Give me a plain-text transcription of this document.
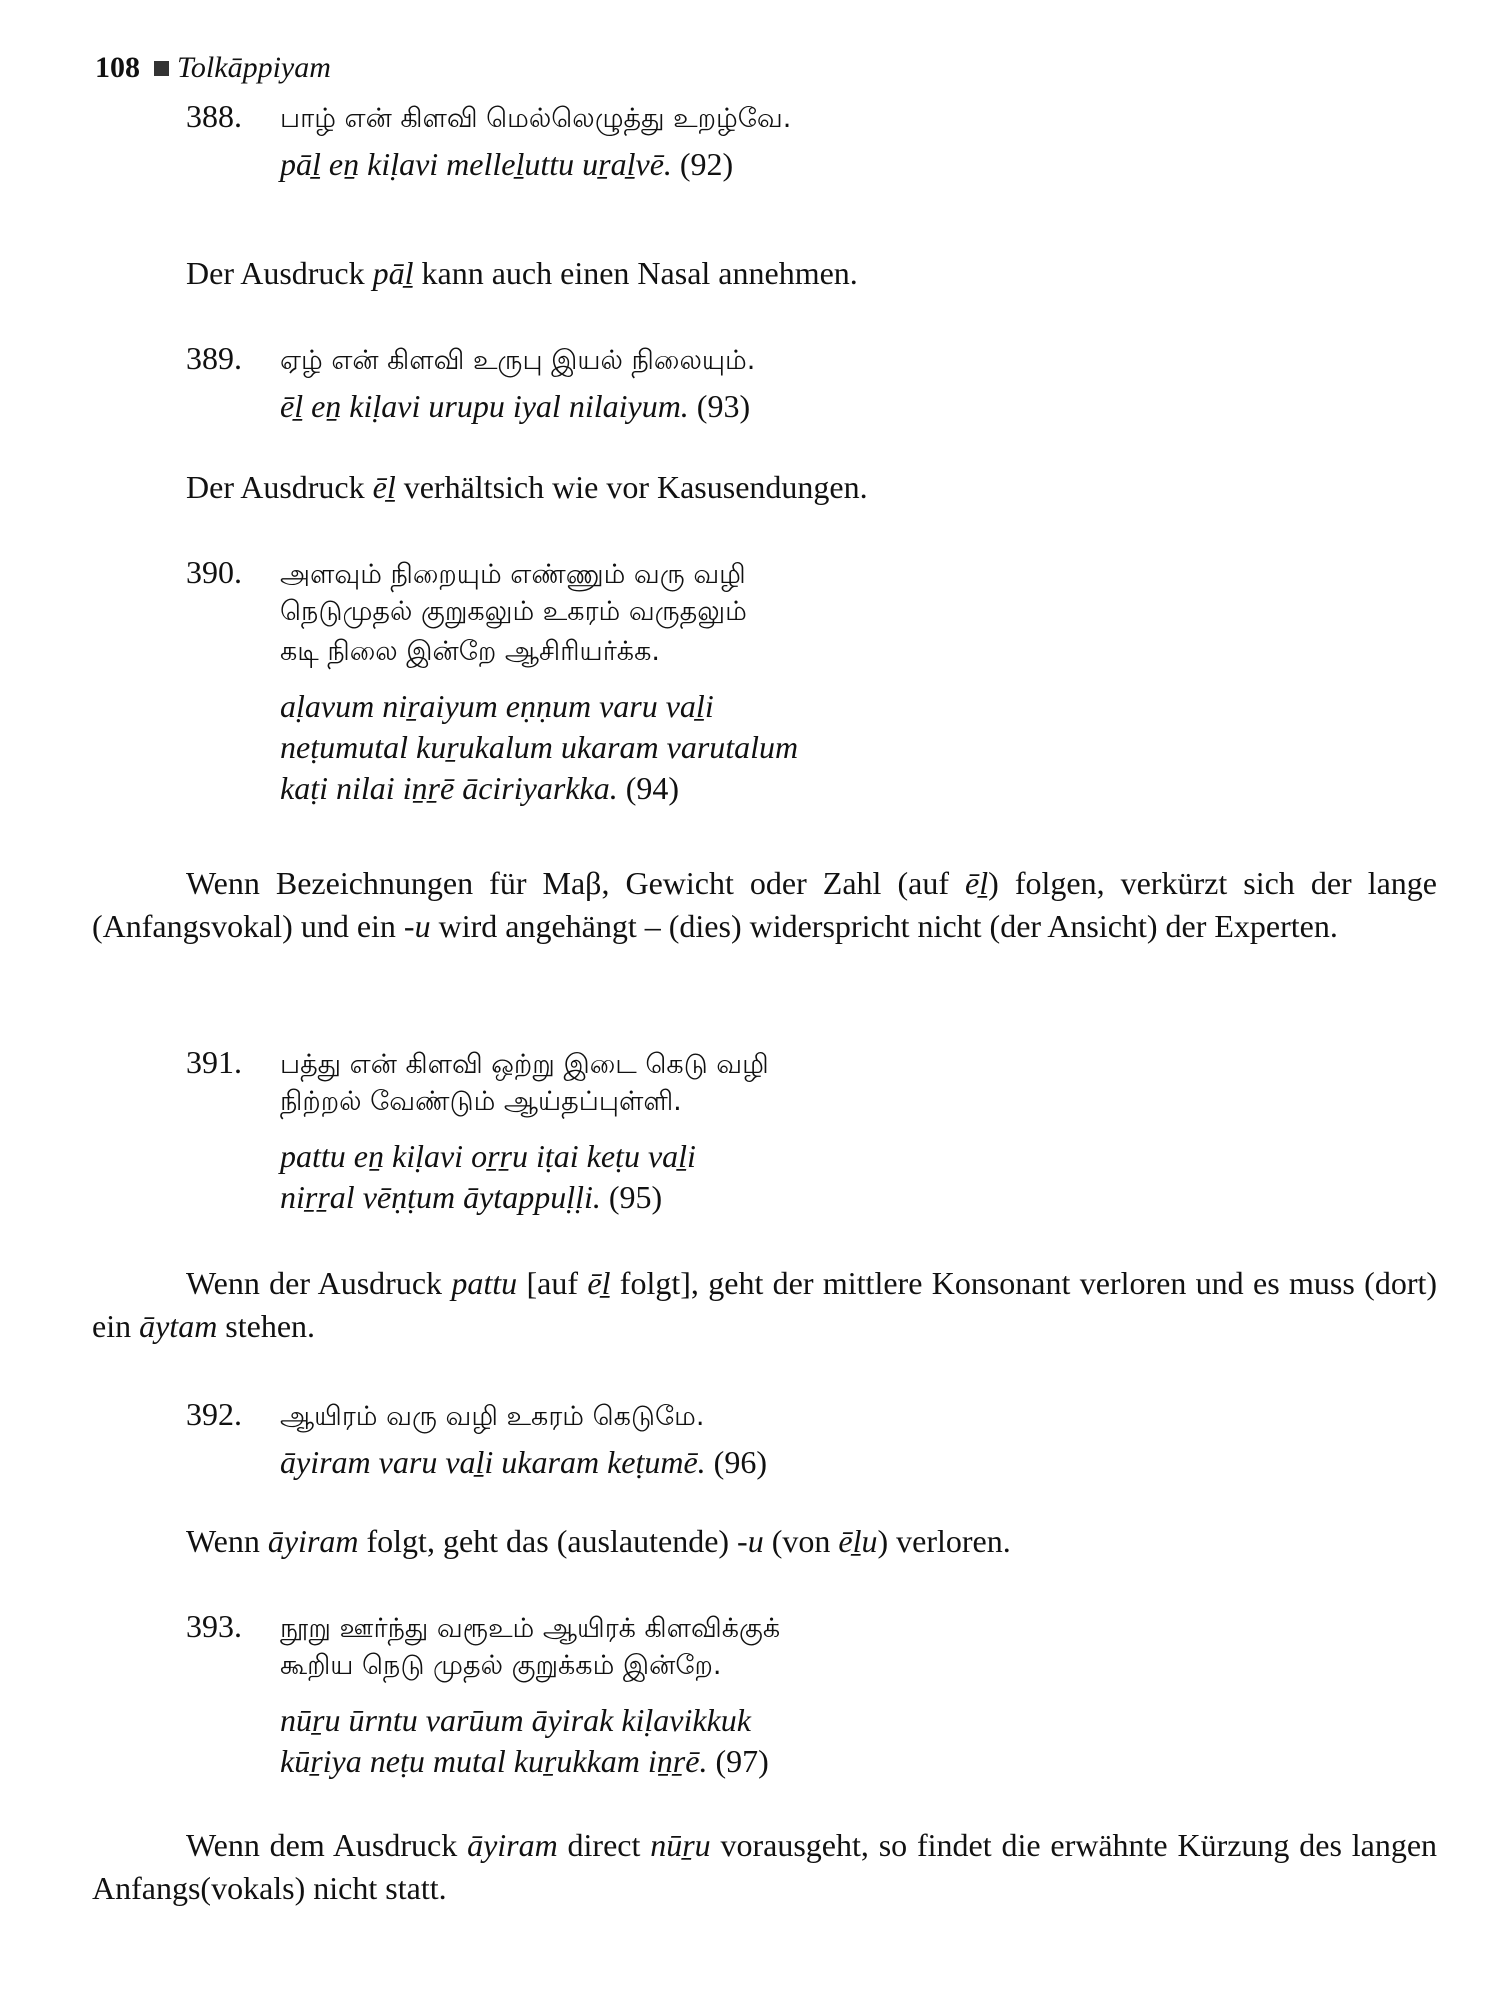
108 Tolkāppiyam
388. பாழ் என் கிளவி மெல்லெழுத்து உறழ்வே.
pāḻ eṉ kiḷavi melleḻuttu uṟaḻvē. (92)
Der Ausdruck pāḻ kann auch einen Nasal annehmen.
389. ஏழ் என் கிளவி உருபு இயல் நிலையும்.
ēḻ eṉ kiḷavi urupu iyal nilaiyum. (93)
Der Ausdruck ēḻ verhältsich wie vor Kasusendungen.
390. அளவும் நிறையும் எண்ணும் வரு வழி
நெடுமுதல் குறுகலும் உகரம் வருதலும்
கடி நிலை இன்றே ஆசிரியர்க்க.
aḷavum niṟaiyum eṇṇum varu vaḻi
neṭumutal kuṟukalum ukaram varutalum
kaṭi nilai iṉṟē āciriyarkka. (94)
Wenn Bezeichnungen für Maβ, Gewicht oder Zahl (auf ēḻ) folgen, verkürzt sich der lange (Anfangsvokal) und ein -u wird angehängt – (dies) widerspricht nicht (der Ansicht) der Experten.
391. பத்து என் கிளவி ஒற்று இடை கெடு வழி
நிற்றல் வேண்டும் ஆய்தப்புள்ளி.
pattu eṉ kiḷavi oṟṟu iṭai keṭu vaḻi
niṟṟal vēṇṭum āytappuḷḷi. (95)
Wenn der Ausdruck pattu [auf ēḻ folgt], geht der mittlere Konsonant verloren und es muss (dort) ein āytam stehen.
392. ஆயிரம் வரு வழி உகரம் கெடுமே.
āyiram varu vaḻi ukaram keṭumē. (96)
Wenn āyiram folgt, geht das (auslautende) -u (von ēḻu) verloren.
393. நூறு ஊர்ந்து வரூஉம் ஆயிரக் கிளவிக்குக்
கூறிய நெடு முதல் குறுக்கம் இன்றே.
nūṟu ūrntu varūum āyirak kiḷavikkuk
kūṟiya neṭu mutal kuṟukkam iṉṟē. (97)
Wenn dem Ausdruck āyiram direct nūṟu vorausgeht, so findet die erwähnte Kürzung des langen Anfangs(vokals) nicht statt.
